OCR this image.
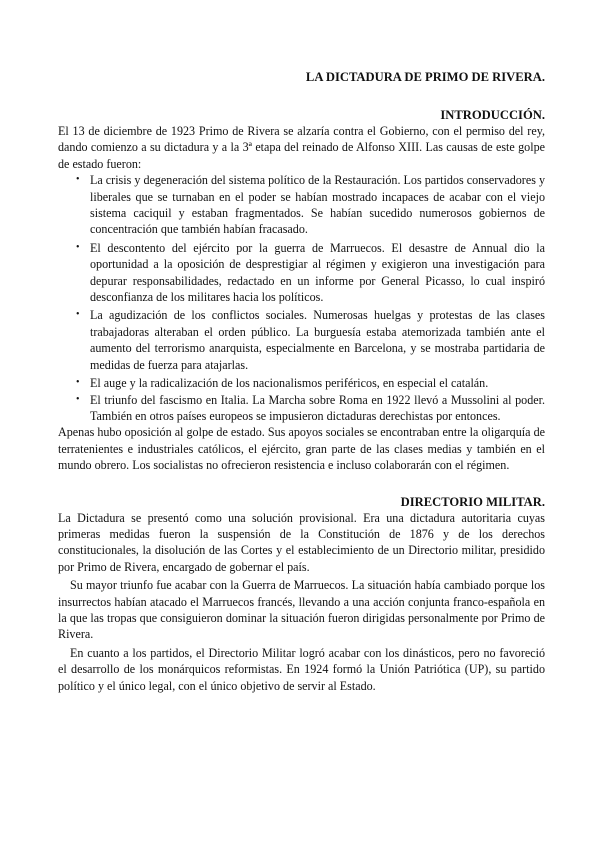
LA DICTADURA DE PRIMO DE RIVERA.
INTRODUCCIÓN.

El 13 de diciembre de 1923 Primo de Rivera se alzaría contra el Gobierno, con el permiso del rey, dando comienzo a su dictadura y a la 3ª etapa del reinado de Alfonso XIII. Las causas de este golpe de estado fueron:

• La crisis y degeneración del sistema político de la Restauración. Los partidos conservadores y liberales que se turnaban en el poder se habían mostrado incapaces de acabar con el viejo sistema caciquil y estaban fragmentados. Se habían sucedido numerosos gobiernos de concentración que también habían fracasado.
• El descontento del ejército por la guerra de Marruecos. El desastre de Annual dio la oportunidad a la oposición de desprestigiar al régimen y exigieron una investigación para depurar responsabilidades, redactado en un informe por General Picasso, lo cual inspiró desconfianza de los militares hacia los políticos.
• La agudización de los conflictos sociales. Numerosas huelgas y protestas de las clases trabajadoras alteraban el orden público. La burguesía estaba atemorizada también ante el aumento del terrorismo anarquista, especialmente en Barcelona, y se mostraba partidaria de medidas de fuerza para atajarlas.
• El auge y la radicalización de los nacionalismos periféricos, en especial el catalán.
• El triunfo del fascismo en Italia. La Marcha sobre Roma en 1922 llevó a Mussolini al poder. También en otros países europeos se impusieron dictaduras derechistas por entonces.

Apenas hubo oposición al golpe de estado. Sus apoyos sociales se encontraban entre la oligarquía de terratenientes e industriales católicos, el ejército, gran parte de las clases medias y también en el mundo obrero. Los socialistas no ofrecieron resistencia e incluso colaborarán con el régimen.

DIRECTORIO MILITAR.

La Dictadura se presentó como una solución provisional. Era una dictadura autoritaria cuyas primeras medidas fueron la suspensión de la Constitución de 1876 y de los derechos constitucionales, la disolución de las Cortes y el establecimiento de un Directorio militar, presidido por Primo de Rivera, encargado de gobernar el país.

Su mayor triunfo fue acabar con la Guerra de Marruecos. La situación había cambiado porque los insurrectos habían atacado el Marruecos francés, llevando a una acción conjunta franco-española en la que las tropas que consiguieron dominar la situación fueron dirigidas personalmente por Primo de Rivera.

En cuanto a los partidos, el Directorio Militar logró acabar con los dinásticos, pero no favoreció el desarrollo de los monárquicos reformistas. En 1924 formó la Unión Patriótica (UP), su partido político y el único legal, con el único objetivo de servir al Estado.
